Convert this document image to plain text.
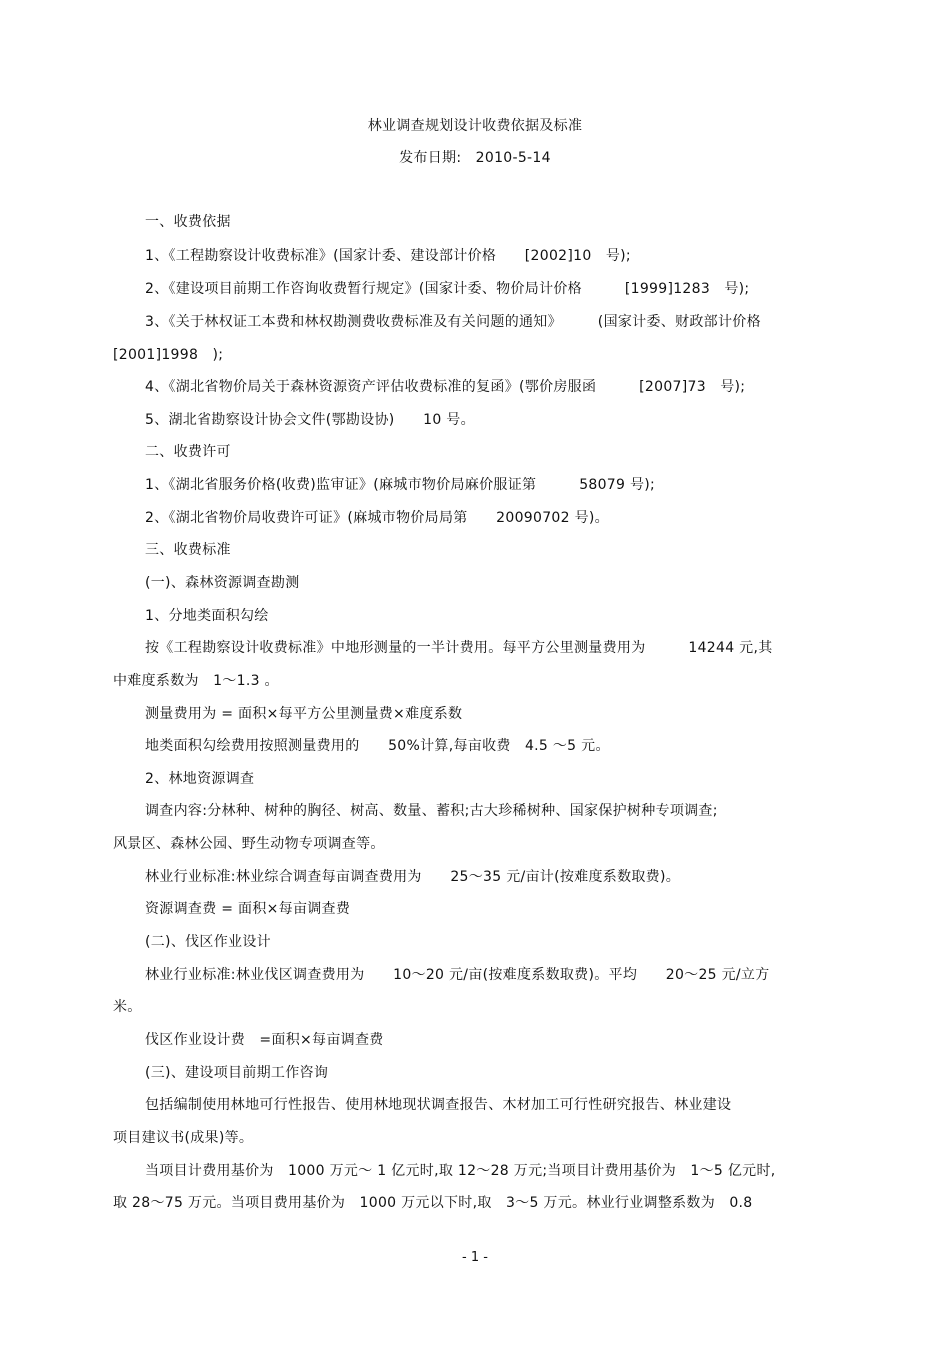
林业调查规划设计收费依据及标准
发布日期:　2010-5-14
一、收费依据
1、《工程勘察设计收费标准》(国家计委、建设部计价格　　[2002]10　号);
2、《建设项目前期工作咨询收费暂行规定》(国家计委、物价局计价格　　　[1999]1283　号);
3、《关于林权证工本费和林权勘测费收费标准及有关问题的通知》　　　(国家计委、财政部计价格
[2001]1998　);
4、《湖北省物价局关于森林资源资产评估收费标准的复函》(鄂价房服函　　　[2007]73　号);
5、湖北省勘察设计协会文件(鄂勘设协)　　10 号。
二、收费许可
1、《湖北省服务价格(收费)监审证》(麻城市物价局麻价服证第　　　58079 号);
2、《湖北省物价局收费许可证》(麻城市物价局局第　　20090702 号)。
三、收费标准
(一)、森林资源调查勘测
1、分地类面积勾绘
按《工程勘察设计收费标准》中地形测量的一半计费用。每平方公里测量费用为　　　14244 元,其
中难度系数为　1～1.3 。
测量费用为 = 面积×每平方公里测量费×难度系数
地类面积勾绘费用按照测量费用的　　50%计算,每亩收费　4.5 ～5 元。
2、林地资源调查
调查内容:分林种、树种的胸径、树高、数量、蓄积;古大珍稀树种、国家保护树种专项调查;
风景区、森林公园、野生动物专项调查等。
林业行业标准:林业综合调查每亩调查费用为　　25～35 元/亩计(按难度系数取费)。
资源调查费 = 面积×每亩调查费
(二)、伐区作业设计
林业行业标准:林业伐区调查费用为　　10～20 元/亩(按难度系数取费)。平均　　20～25 元/立方
米。
伐区作业设计费　=面积×每亩调查费
(三)、建设项目前期工作咨询
包括编制使用林地可行性报告、使用林地现状调查报告、木材加工可行性研究报告、林业建设
项目建议书(成果)等。
当项目计费用基价为　1000 万元～ 1 亿元时,取 12～28 万元;当项目计费用基价为　1～5 亿元时,
取 28～75 万元。当项目费用基价为　1000 万元以下时,取　3～5 万元。林业行业调整系数为　0.8
- 1 -
